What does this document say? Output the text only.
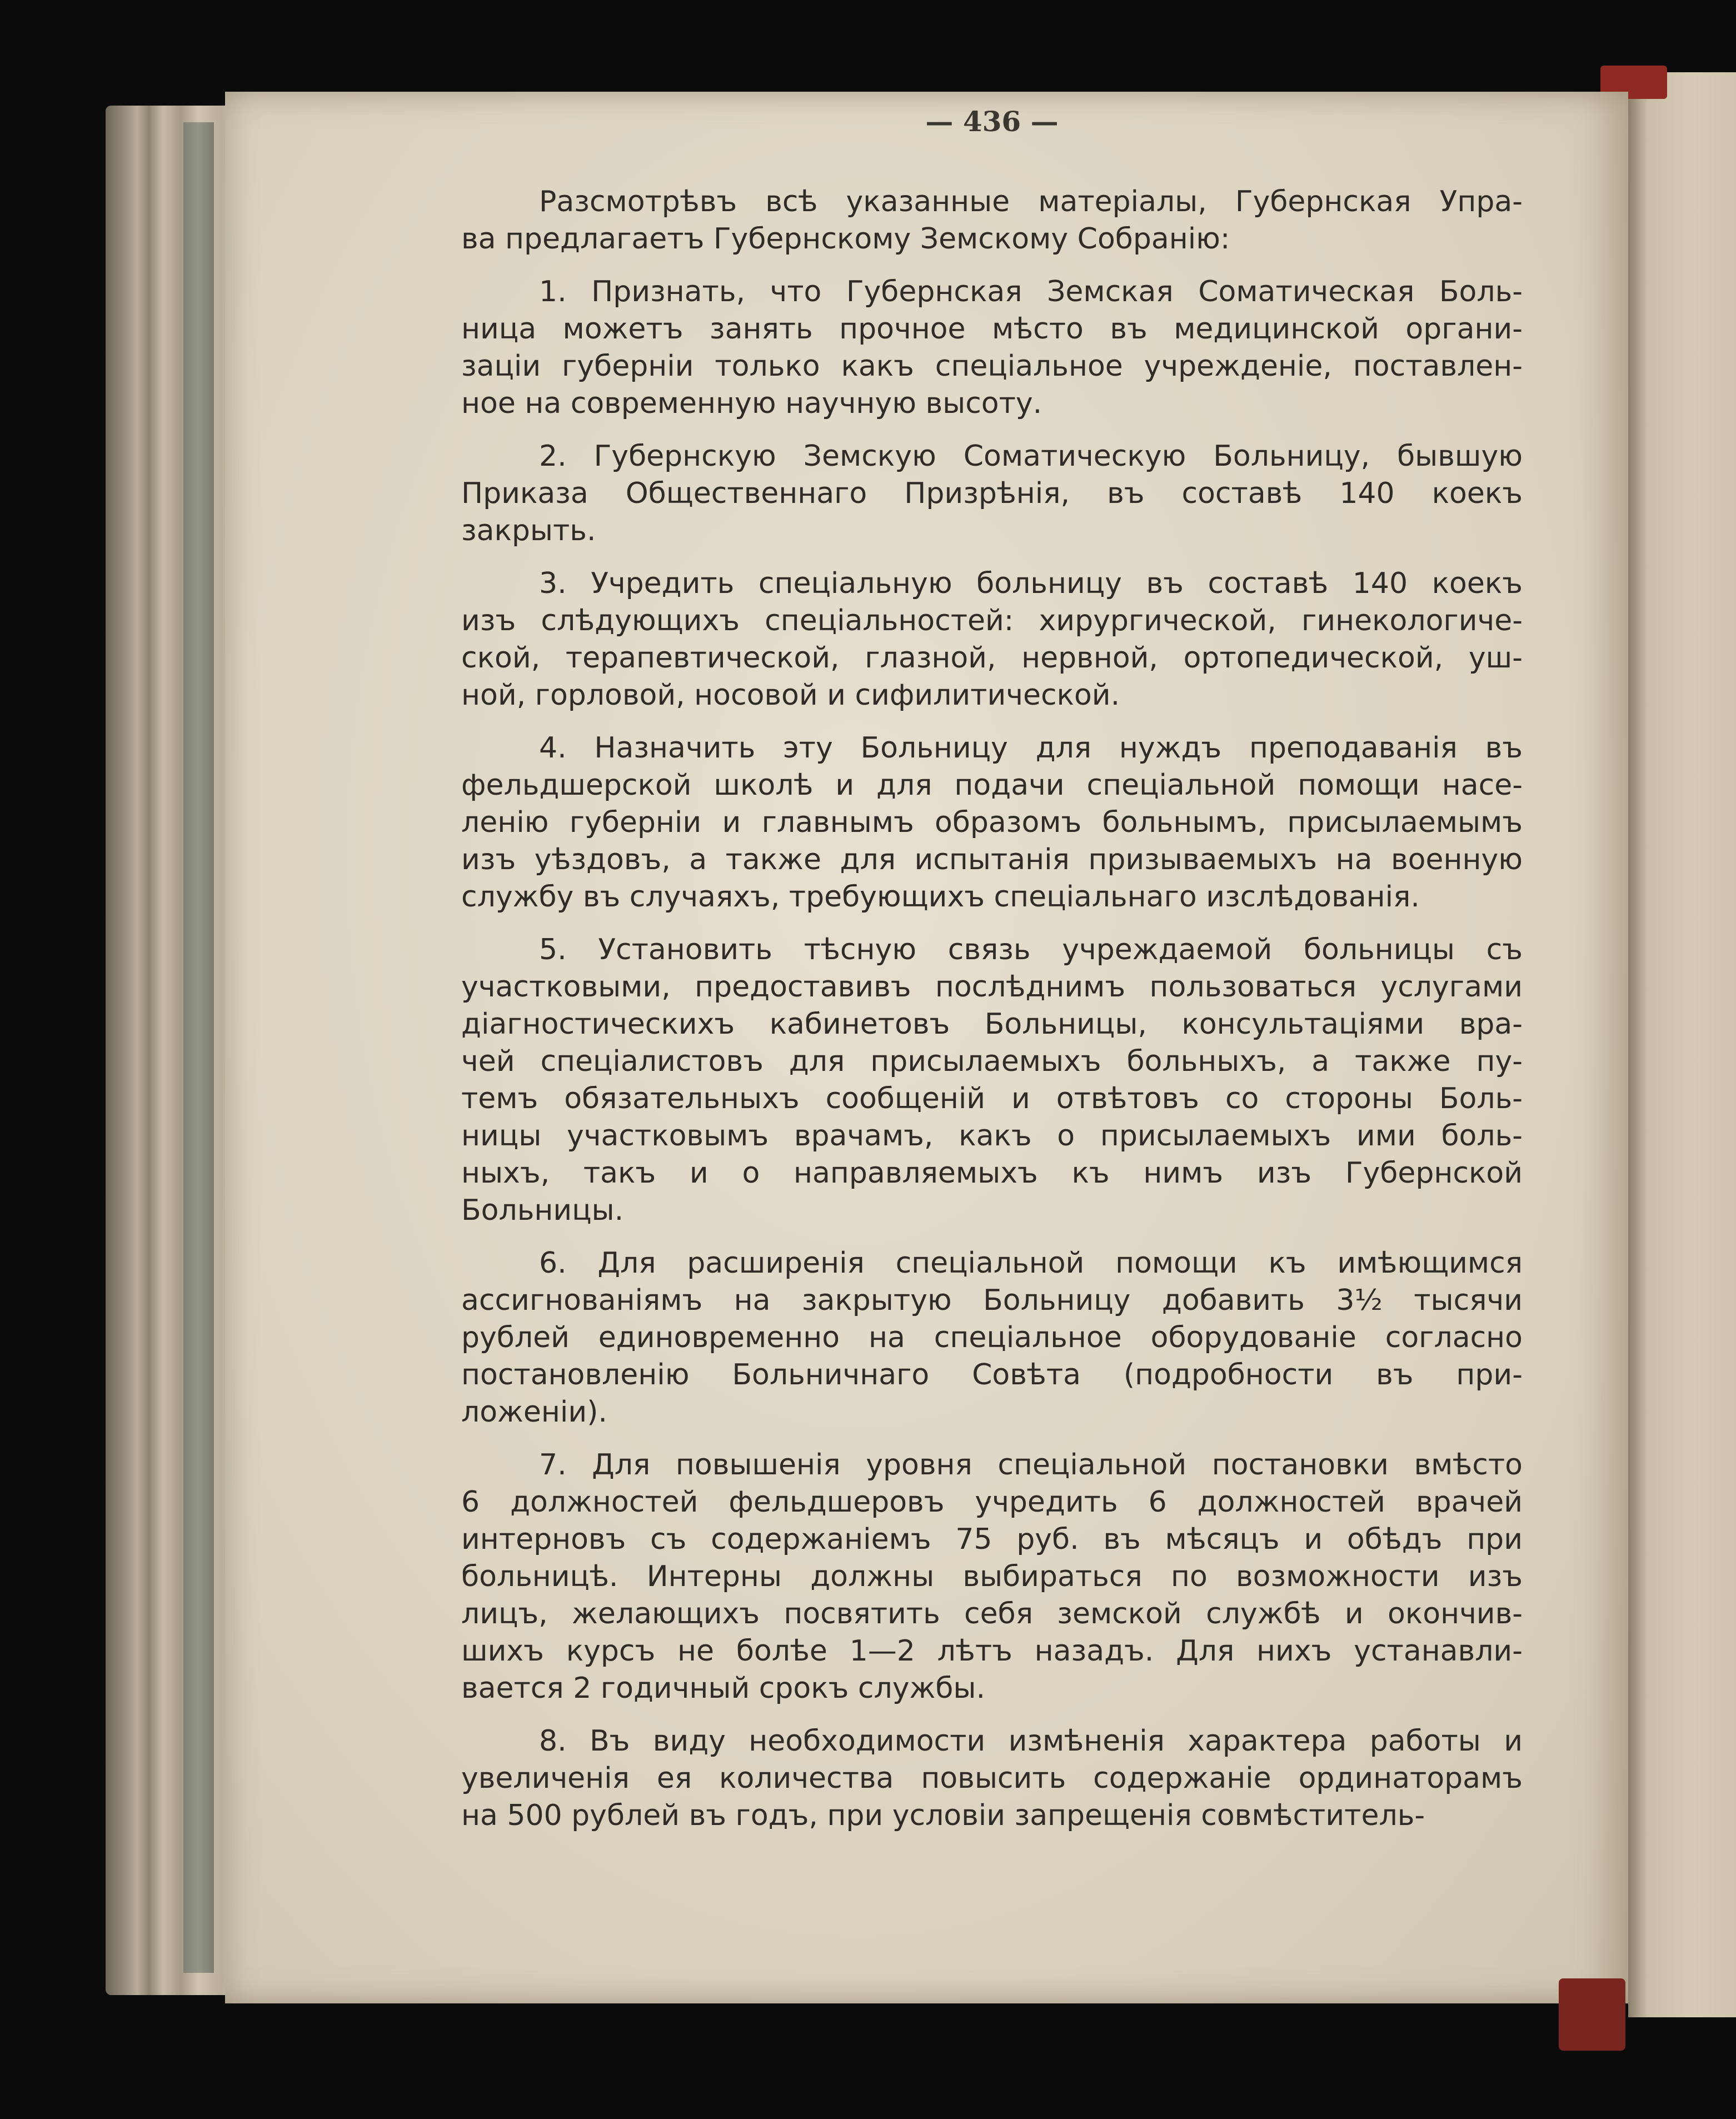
— 436 —
Разсмотрѣвъ всѣ указанные матеріалы, Губернская Упра-
ва предлагаетъ Губернскому Земскому Собранію:
1. Признать, что Губернская Земская Соматическая Боль-
ница можетъ занять прочное мѣсто въ медицинской органи-
заціи губерніи только какъ спеціальное учрежденіе, поставлен-
ное на современную научную высоту.
2. Губернскую Земскую Соматическую Больницу, бывшую
Приказа Общественнаго Призрѣнія, въ составѣ 140 коекъ
закрыть.
3. Учредить спеціальную больницу въ составѣ 140 коекъ
изъ слѣдующихъ спеціальностей: хирургической, гинекологиче-
ской, терапевтической, глазной, нервной, ортопедической, уш-
ной, горловой, носовой и сифилитической.
4. Назначить эту Больницу для нуждъ преподаванія въ
фельдшерской школѣ и для подачи спеціальной помощи насе-
ленію губерніи и главнымъ образомъ больнымъ, присылаемымъ
изъ уѣздовъ, а также для испытанія призываемыхъ на военную
службу въ случаяхъ, требующихъ спеціальнаго изслѣдованія.
5. Установить тѣсную связь учреждаемой больницы съ
участковыми, предоставивъ послѣднимъ пользоваться услугами
діагностическихъ кабинетовъ Больницы, консультаціями вра-
чей спеціалистовъ для присылаемыхъ больныхъ, а также пу-
темъ обязательныхъ сообщеній и отвѣтовъ со стороны Боль-
ницы участковымъ врачамъ, какъ о присылаемыхъ ими боль-
ныхъ, такъ и о направляемыхъ къ нимъ изъ Губернской
Больницы.
6. Для расширенія спеціальной помощи къ имѣющимся
ассигнованіямъ на закрытую Больницу добавить 3½ тысячи
рублей единовременно на спеціальное оборудованіе согласно
постановленію Больничнаго Совѣта (подробности въ при-
ложеніи).
7. Для повышенія уровня спеціальной постановки вмѣсто
6 должностей фельдшеровъ учредить 6 должностей врачей
интерновъ съ содержаніемъ 75 руб. въ мѣсяцъ и обѣдъ при
больницѣ. Интерны должны выбираться по возможности изъ
лицъ, желающихъ посвятить себя земской службѣ и окончив-
шихъ курсъ не болѣе 1—2 лѣтъ назадъ. Для нихъ устанавли-
вается 2 годичный срокъ службы.
8. Въ виду необходимости измѣненія характера работы и
увеличенія ея количества повысить содержаніе ординаторамъ
на 500 рублей въ годъ, при условіи запрещенія совмѣститель-
